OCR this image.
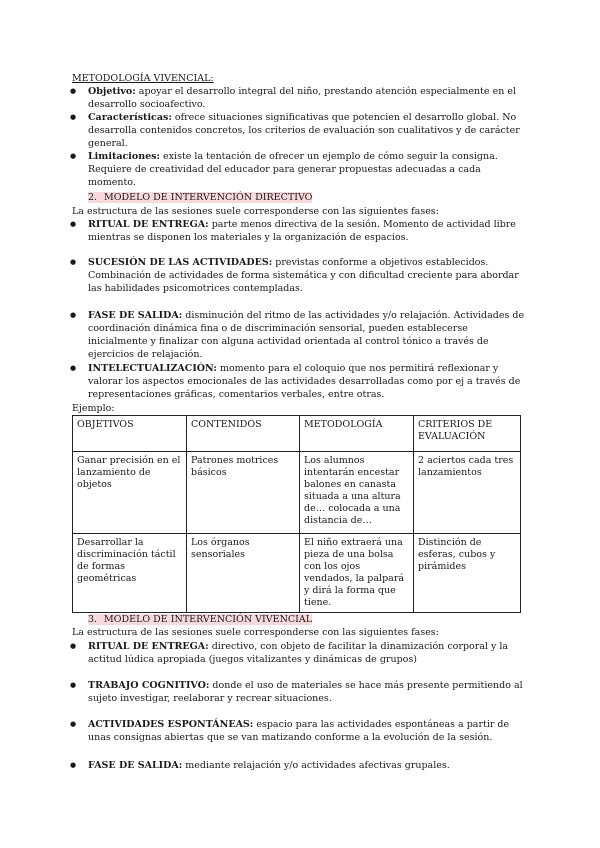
METODOLOGÍA VIVENCIAL:
● Objetivo: apoyar el desarrollo integral del niño, prestando atención especialmente en el desarrollo socioafectivo.
● Características: ofrece situaciones significativas que potencien el desarrollo global. No desarrolla contenidos concretos, los criterios de evaluación son cualitativos y de carácter general.
● Limitaciones: existe la tentación de ofrecer un ejemplo de cómo seguir la consigna. Requiere de creatividad del educador para generar propuestas adecuadas a cada momento.
2. MODELO DE INTERVENCIÓN DIRECTIVO
La estructura de las sesiones suele corresponderse con las siguientes fases:
● RITUAL DE ENTREGA: parte menos directiva de la sesión. Momento de actividad libre mientras se disponen los materiales y la organización de espacios.
● SUCESIÓN DE LAS ACTIVIDADES: previstas conforme a objetivos establecidos. Combinación de actividades de forma sistemática y con dificultad creciente para abordar las habilidades psicomotrices contempladas.
● FASE DE SALIDA: disminución del ritmo de las actividades y/o relajación. Actividades de coordinación dinámica fina o de discriminación sensorial, pueden establecerse inicialmente y finalizar con alguna actividad orientada al control tónico a través de ejercicios de relajación.
● INTELECTUALIZACIÓN: momento para el coloquio que nos permitirá reflexionar y valorar los aspectos emocionales de las actividades desarrolladas como por ej a través de representaciones gráficas, comentarios verbales, entre otras.
Ejemplo:
OBJETIVOS	CONTENIDOS	METODOLOGÍA	CRITERIOS DE EVALUACIÓN
Ganar precisión en el lanzamiento de objetos	Patrones motrices básicos	Los alumnos intentarán encestar balones en canasta situada a una altura de… colocada a una distancia de…	2 aciertos cada tres lanzamientos
Desarrollar la discriminación táctil de formas geométricas	Los órganos sensoriales	El niño extraerá una pieza de una bolsa con los ojos vendados, la palpará y dirá la forma que tiene.	Distinción de esferas, cubos y pirámides
3. MODELO DE INTERVENCIÓN VIVENCIAL
La estructura de las sesiones suele corresponderse con las siguientes fases:
● RITUAL DE ENTREGA: directivo, con objeto de facilitar la dinamización corporal y la actitud lúdica apropiada (juegos vitalizantes y dinámicas de grupos)
● TRABAJO COGNITIVO: donde el uso de materiales se hace más presente permitiendo al sujeto investigar, reelaborar y recrear situaciones.
● ACTIVIDADES ESPONTÁNEAS: espacio para las actividades espontáneas a partir de unas consignas abiertas que se van matizando conforme a la evolución de la sesión.
● FASE DE SALIDA: mediante relajación y/o actividades afectivas grupales.
